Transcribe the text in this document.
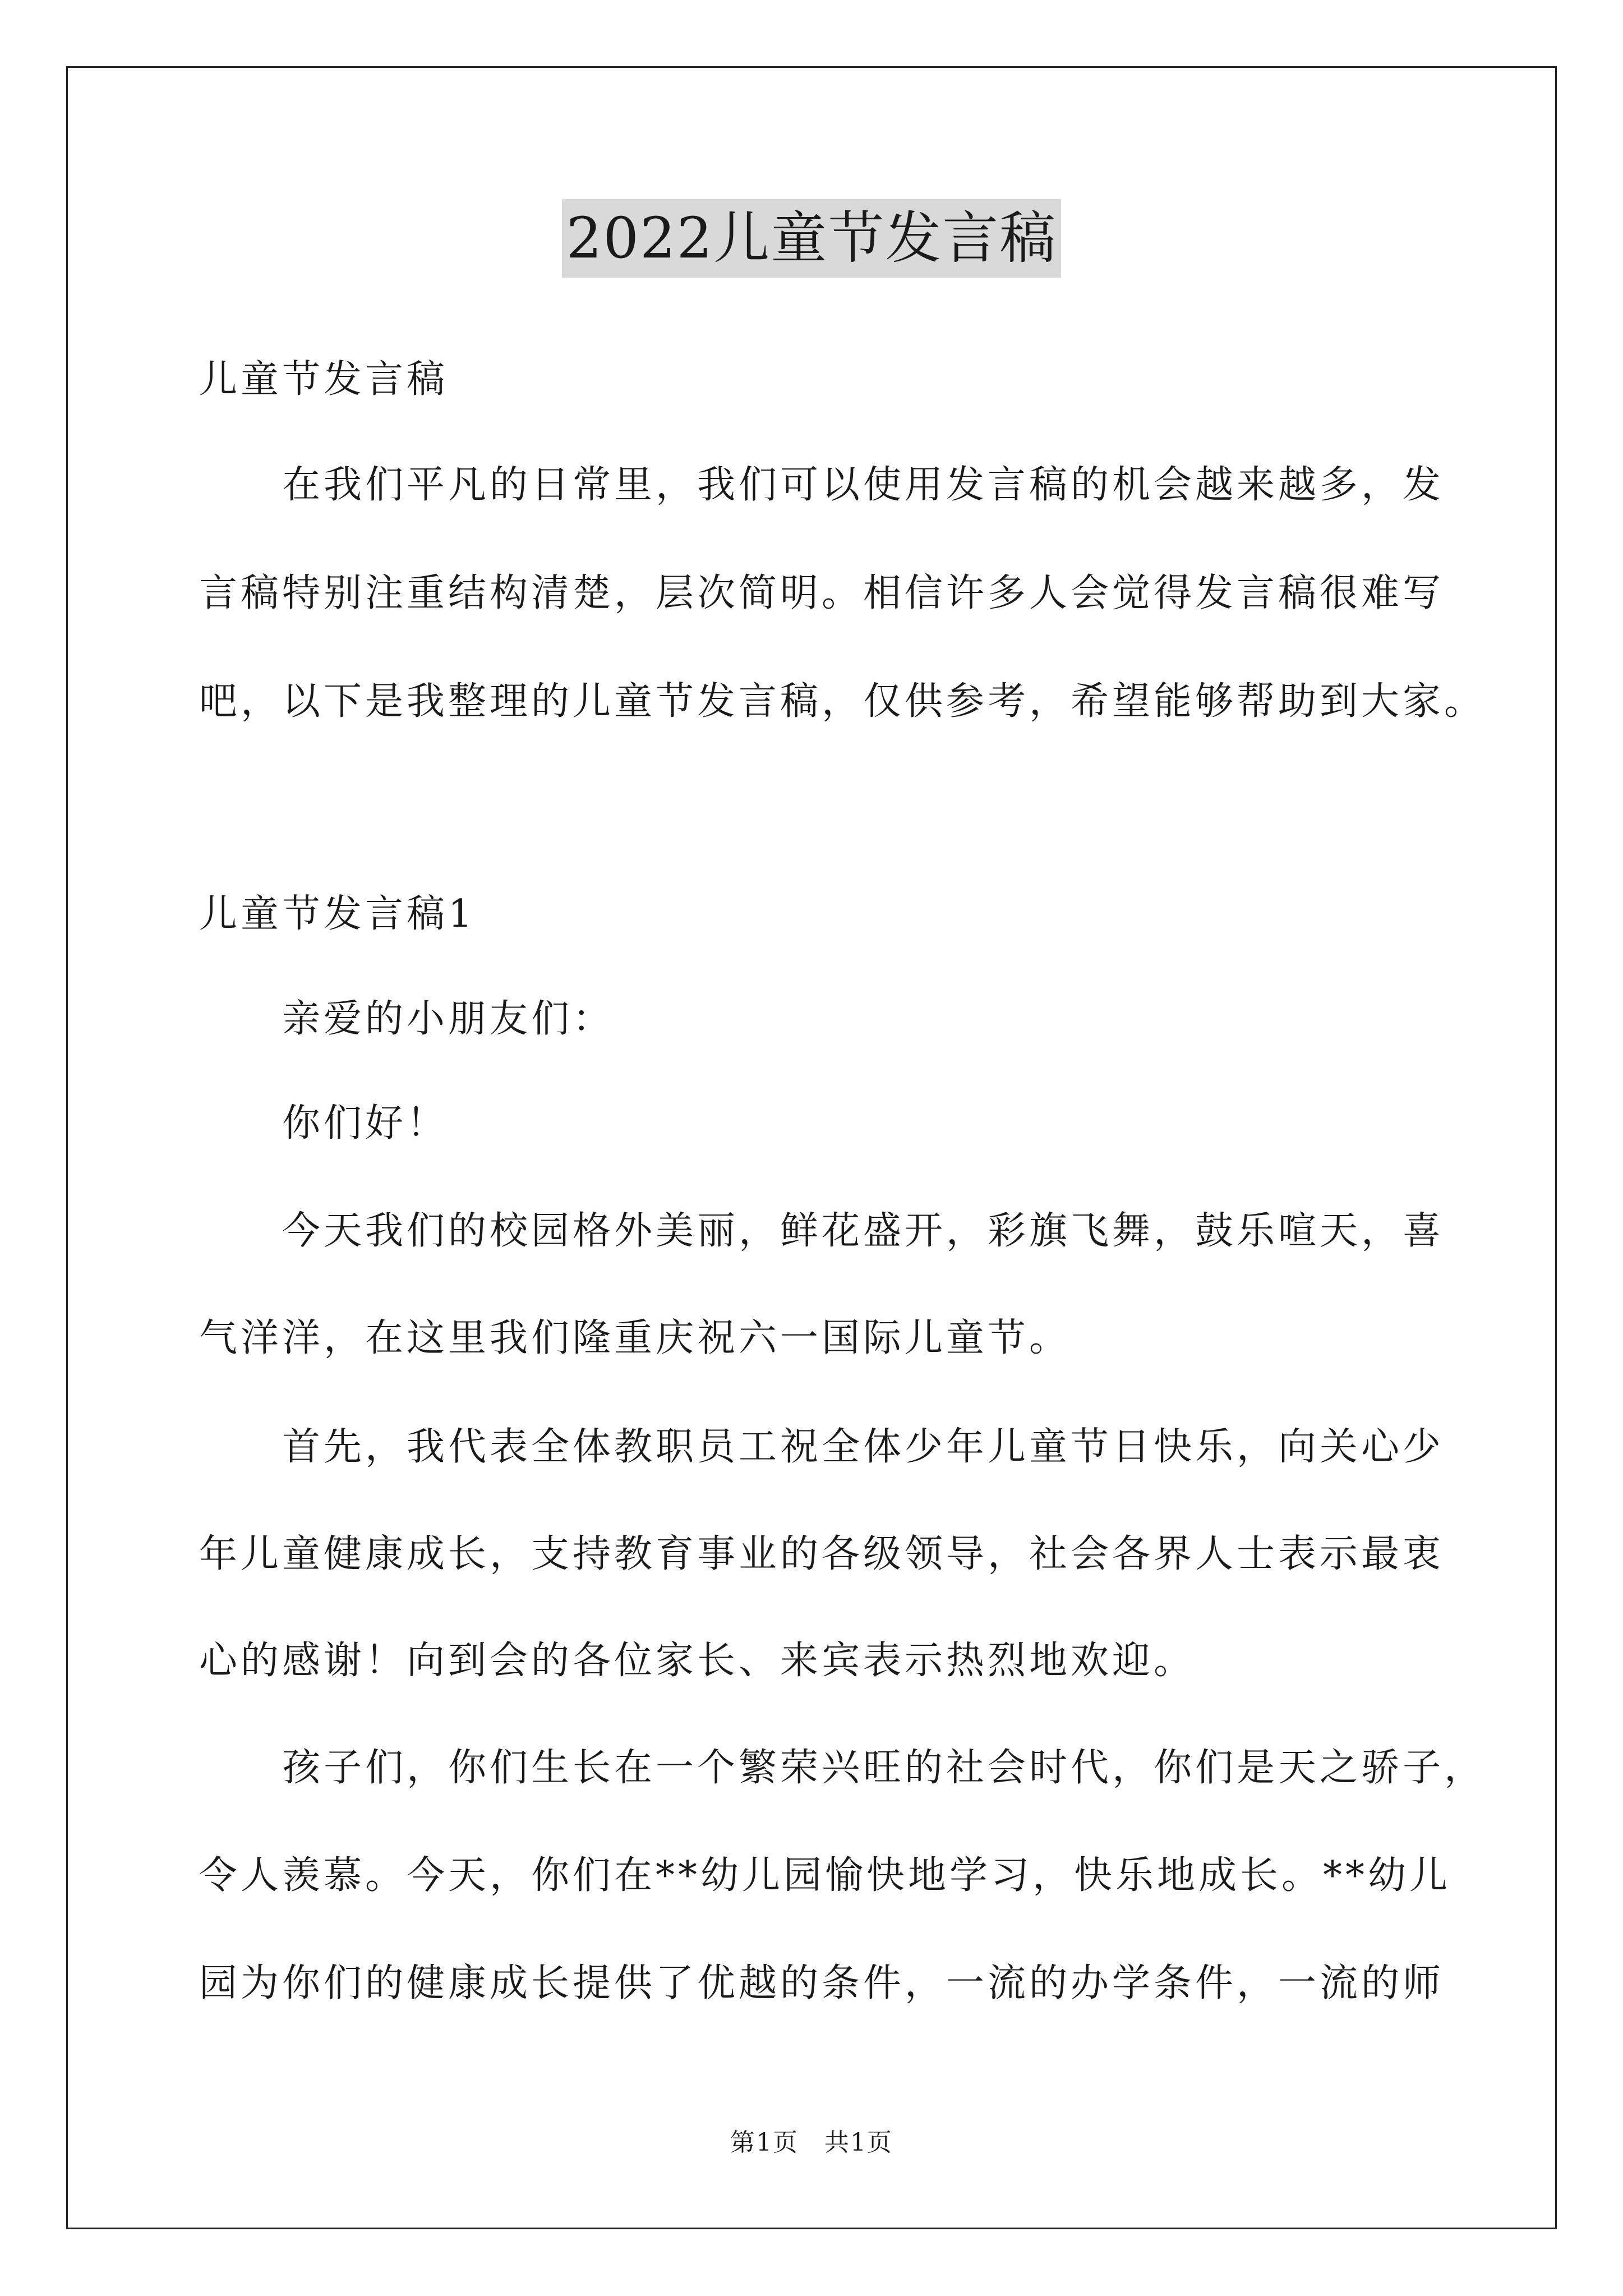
2022儿童节发言稿
儿童节发言稿
在我们平凡的日常里，我们可以使用发言稿的机会越来越多，发
言稿特别注重结构清楚，层次简明。相信许多人会觉得发言稿很难写
吧，以下是我整理的儿童节发言稿，仅供参考，希望能够帮助到大家。
儿童节发言稿1
亲爱的小朋友们：
你们好！
今天我们的校园格外美丽，鲜花盛开，彩旗飞舞，鼓乐喧天，喜
气洋洋，在这里我们隆重庆祝六一国际儿童节。
首先，我代表全体教职员工祝全体少年儿童节日快乐，向关心少
年儿童健康成长，支持教育事业的各级领导，社会各界人士表示最衷
心的感谢！向到会的各位家长、来宾表示热烈地欢迎。
孩子们，你们生长在一个繁荣兴旺的社会时代，你们是天之骄子，
令人羡慕。今天，你们在**幼儿园愉快地学习，快乐地成长。**幼儿
园为你们的健康成长提供了优越的条件，一流的办学条件，一流的师
第1页　共1页
